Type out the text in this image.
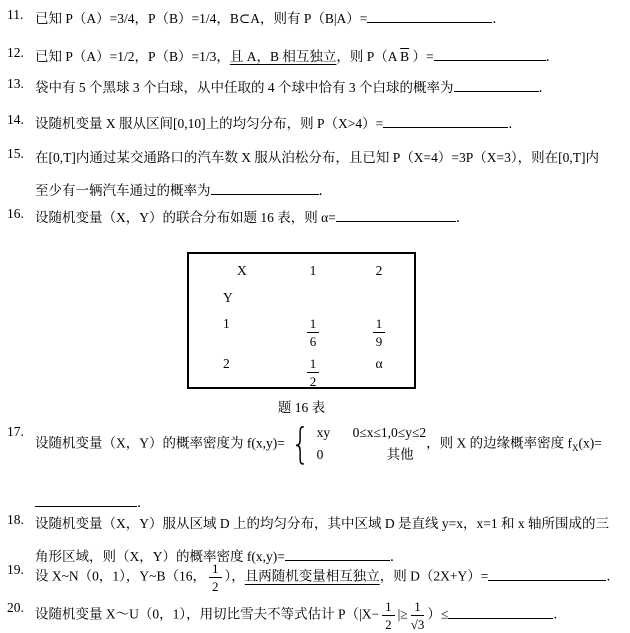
11. 已知 P（A）=3/4，P（B）=1/4，B⊂A，则有 P（B|A）=	．
12. 已知 P（A）=1/2，P（B）=1/3，且 A，B 相互独立，则 P（A $\overline{B}$ ）=	．
13. 袋中有 5 个黑球 3 个白球，从中任取的 4 个球中恰有 3 个白球的概率为	．
14. 设随机变量 X 服从区间[0,10]上的均匀分布，则 P（X>4）=	．
15. 在[0,T]内通过某交通路口的汽车数 X 服从泊松分布，且已知 P（X=4）=3P（X=3），则在[0,T]内
至少有一辆汽车通过的概率为	．
16. 设随机变量（X，Y）的联合分布如题 16 表，则 α=	．
X	1	2
Y
1	$\frac{1}{6}$	$\frac{1}{9}$
2	$\frac{1}{2}$	α
题 16 表
17.
设随机变量（X，Y）的概率密度为 f(x,y)= { xy	0≤x≤1,0≤y≤2
0	其他
，则 X 的边缘概率密度 $f_X(x)=$
．
18. 设随机变量（X，Y）服从区域 D 上的均匀分布，其中区域 D 是直线 y=x，x=1 和 x 轴所围成的三
角形区域，则（X，Y）的概率密度 f(x,y)=	．
19. 设 X~N（0，1），Y~B（16， $\frac{1}{2}$ ），且两随机变量相互独立，则 D（2X+Y）=	．
20. 设随机变量 X～U（0，1），用切比雪夫不等式估计 $P(|X- \frac{1}{2}$ |≥ $\frac{1}{√3}$ ）≤	．
